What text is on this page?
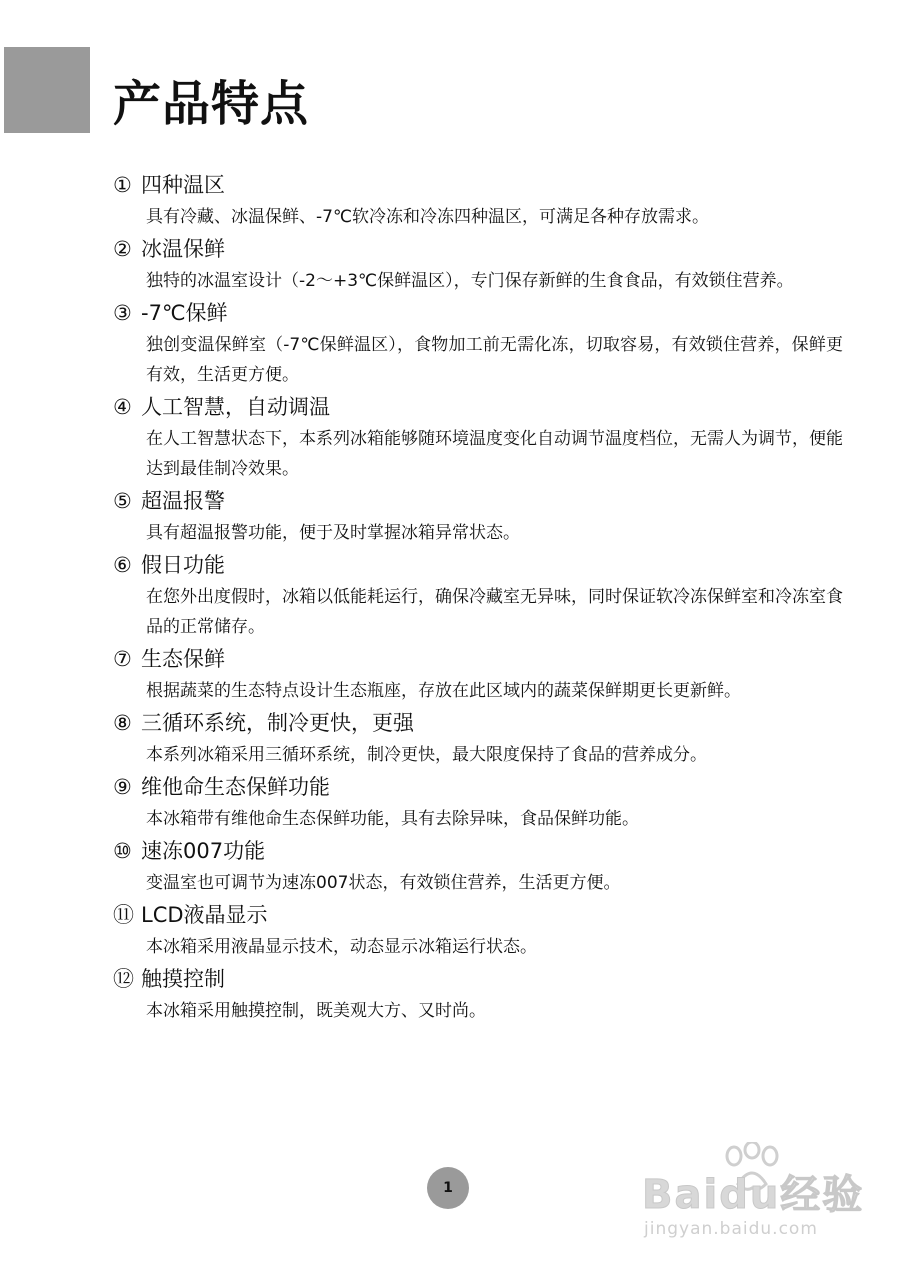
产品特点
① 四种温区
具有冷藏、冰温保鲜、-7℃软冷冻和冷冻四种温区，可满足各种存放需求。
② 冰温保鲜
独特的冰温室设计（-2～+3℃保鲜温区），专门保存新鲜的生食食品，有效锁住营养。
③ -7℃保鲜
独创变温保鲜室（-7℃保鲜温区），食物加工前无需化冻，切取容易，有效锁住营养，保鲜更有效，生活更方便。
④ 人工智慧，自动调温
在人工智慧状态下，本系列冰箱能够随环境温度变化自动调节温度档位，无需人为调节，便能达到最佳制冷效果。
⑤ 超温报警
具有超温报警功能，便于及时掌握冰箱异常状态。
⑥ 假日功能
在您外出度假时，冰箱以低能耗运行，确保冷藏室无异味，同时保证软冷冻保鲜室和冷冻室食品的正常储存。
⑦ 生态保鲜
根据蔬菜的生态特点设计生态瓶座，存放在此区域内的蔬菜保鲜期更长更新鲜。
⑧ 三循环系统，制冷更快，更强
本系列冰箱采用三循环系统，制冷更快，最大限度保持了食品的营养成分。
⑨ 维他命生态保鲜功能
本冰箱带有维他命生态保鲜功能，具有去除异味，食品保鲜功能。
⑩ 速冻007功能
变温室也可调节为速冻007状态，有效锁住营养，生活更方便。
⑪ LCD液晶显示
本冰箱采用液晶显示技术，动态显示冰箱运行状态。
⑫ 触摸控制
本冰箱采用触摸控制，既美观大方、又时尚。
1	Baidu经验
jingyan.baidu.com
